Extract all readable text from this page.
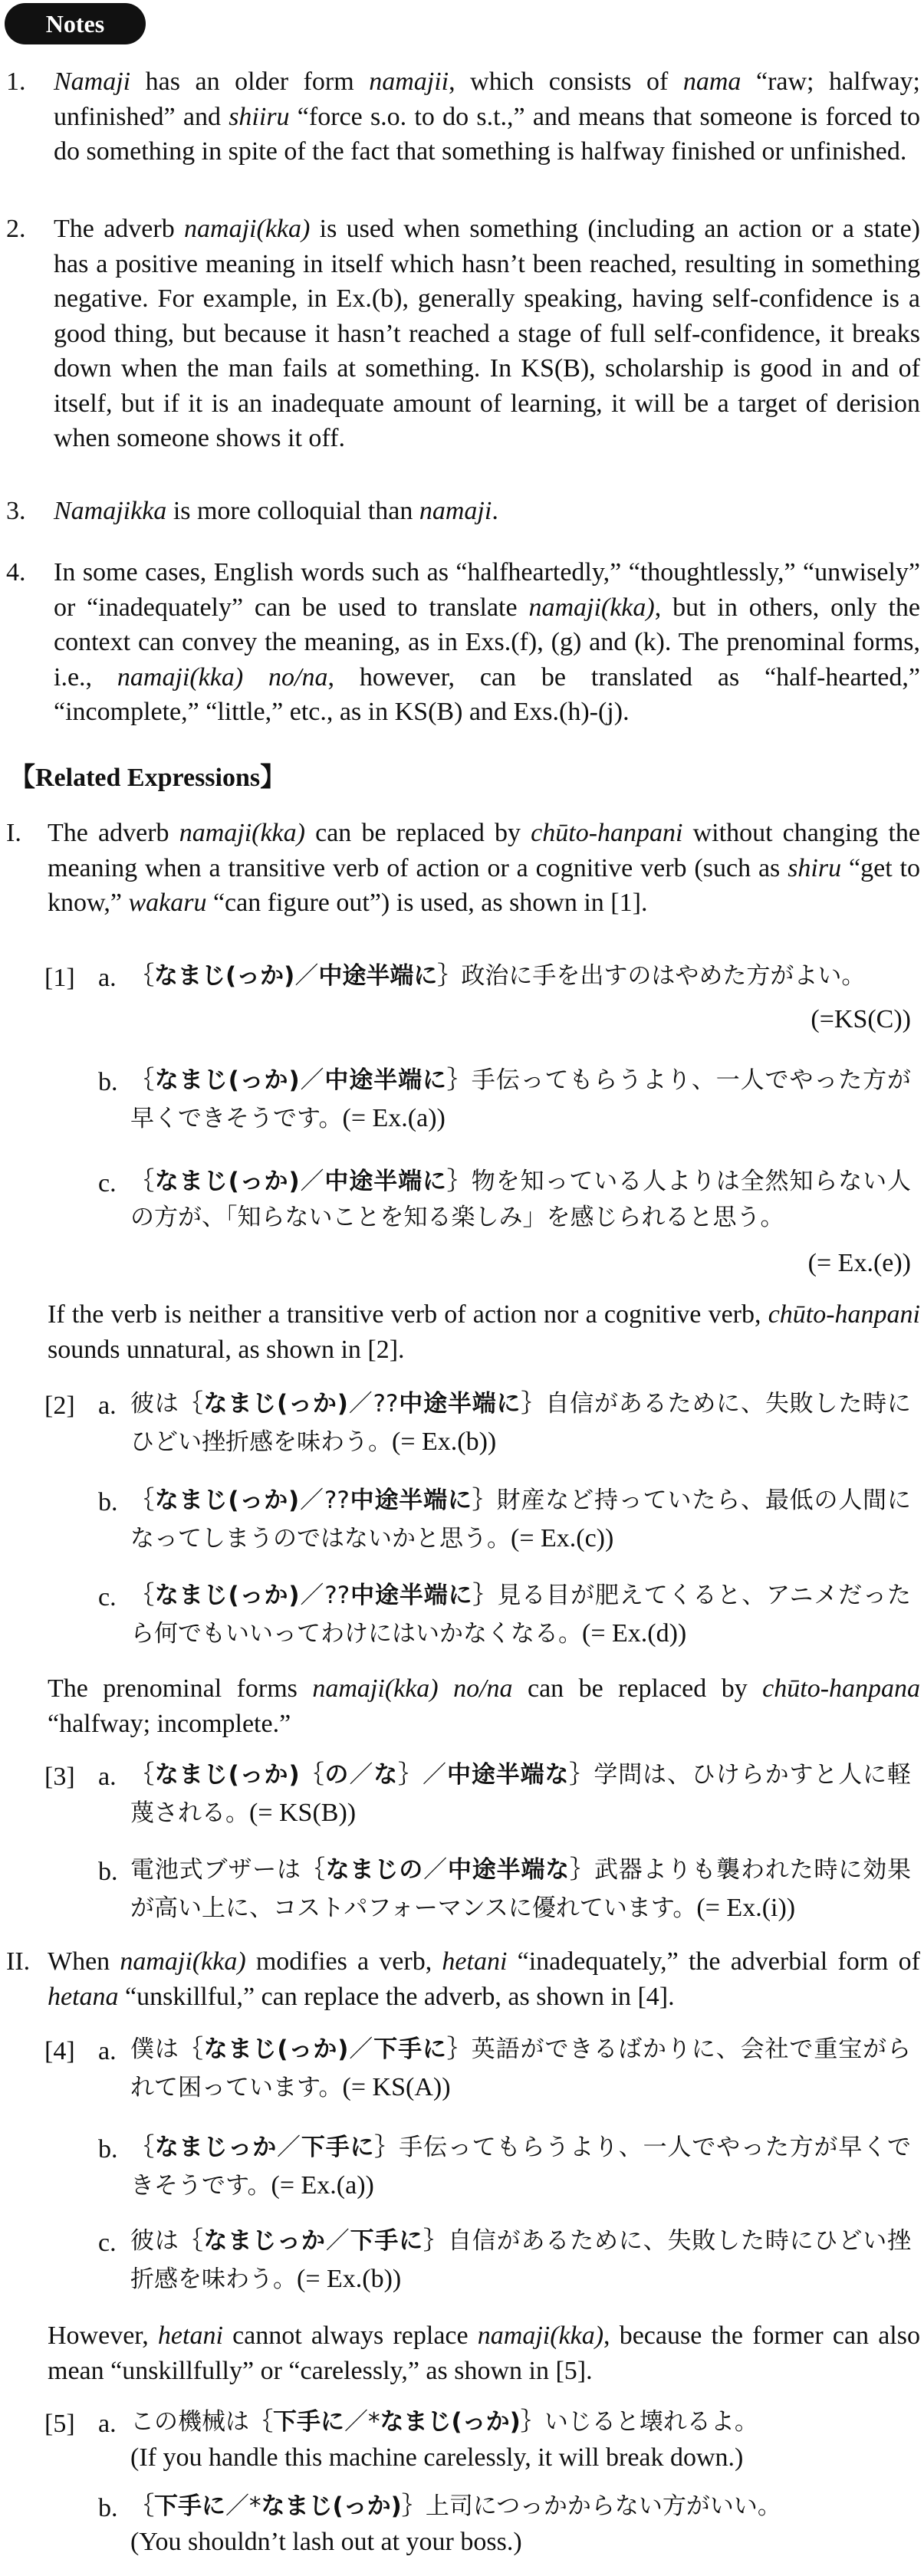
Notes
1. Namaji has an older form namajii, which consists of nama “raw; halfway; unfinished” and shiiru “force s.o. to do s.t.,” and means that someone is forced to do something in spite of the fact that something is halfway finished or unfinished.
2. The adverb namaji(kka) is used when something (including an action or a state) has a positive meaning in itself which hasn’t been reached, resulting in something negative. For example, in Ex.(b), generally speaking, having self-confidence is a good thing, but because it hasn’t reached a stage of full self-confidence, it breaks down when the man fails at something. In KS(B), scholarship is good in and of itself, but if it is an inadequate amount of learning, it will be a target of derision when someone shows it off.
3. Namajikka is more colloquial than namaji.
4. In some cases, English words such as “halfheartedly,” “thoughtlessly,” “unwisely” or “inadequately” can be used to translate namaji(kka), but in others, only the context can convey the meaning, as in Exs.(f), (g) and (k). The prenominal forms, i.e., namaji(kka) no/na, however, can be translated as “half-hearted,” “incomplete,” “little,” etc., as in KS(B) and Exs.(h)-(j).
【Related Expressions】
I. The adverb namaji(kka) can be replaced by chūto-hanpani without changing the meaning when a transitive verb of action or a cognitive verb (such as shiru “get to know,” wakaru “can figure out”) is used, as shown in [1].
[1] a. ｛なまじ(っか)／中途半端に｝政治に手を出すのはやめた方がよい。
(=KS(C))
b. ｛なまじ(っか)／中途半端に｝手伝ってもらうより、一人でやった方が早くできそうです。(= Ex.(a))
c. ｛なまじ(っか)／中途半端に｝物を知っている人よりは全然知らない人の方が、「知らないことを知る楽しみ」を感じられると思う。
(= Ex.(e))
If the verb is neither a transitive verb of action nor a cognitive verb, chūto-hanpani sounds unnatural, as shown in [2].
[2] a. 彼は｛なまじ(っか)／??中途半端に｝自信があるために、失敗した時にひどい挫折感を味わう。(= Ex.(b))
b. ｛なまじ(っか)／??中途半端に｝財産など持っていたら、最低の人間になってしまうのではないかと思う。(= Ex.(c))
c. ｛なまじ(っか)／??中途半端に｝見る目が肥えてくると、アニメだったら何でもいいってわけにはいかなくなる。(= Ex.(d))
The prenominal forms namaji(kka) no/na can be replaced by chūto-hanpana “halfway; incomplete.”
[3] a. ｛なまじ(っか)｛の／な｝／中途半端な｝学問は、ひけらかすと人に軽蔑される。(= KS(B))
b. 電池式ブザーは｛なまじの／中途半端な｝武器よりも襲われた時に効果が高い上に、コストパフォーマンスに優れています。(= Ex.(i))
II. When namaji(kka) modifies a verb, hetani “inadequately,” the adverbial form of hetana “unskillful,” can replace the adverb, as shown in [4].
[4] a. 僕は｛なまじ(っか)／下手に｝英語ができるばかりに、会社で重宝がられて困っています。(= KS(A))
b. ｛なまじっか／下手に｝手伝ってもらうより、一人でやった方が早くできそうです。(= Ex.(a))
c. 彼は｛なまじっか／下手に｝自信があるために、失敗した時にひどい挫折感を味わう。(= Ex.(b))
However, hetani cannot always replace namaji(kka), because the former can also mean “unskillfully” or “carelessly,” as shown in [5].
[5] a. この機械は｛下手に／*なまじ(っか)｝いじると壊れるよ。
(If you handle this machine carelessly, it will break down.)
b. ｛下手に／*なまじ(っか)｝上司につっかからない方がいい。
(You shouldn’t lash out at your boss.)
